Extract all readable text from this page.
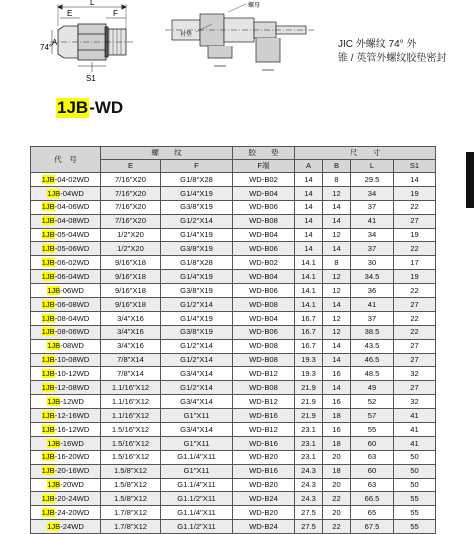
L
E	F
A
74°
S1
螺母
衬垫
JIC 外螺纹 74° 外
锥 / 英管外螺纹胶垫密封
1JB -WD
代　号	螺　　纹		胶　　垫	尺　　寸			
	E	F	F端	A	B	L	S1
1JB-04-02WD	7/16"X20	G1/8"X28	WD-B02	14	8	29.5	14
1JB-04WD	7/16"X20	G1/4"X19	WD-B04	14	12	34	19
1JB-04-06WD	7/16"X20	G3/8"X19	WD-B06	14	14	37	22
1JB-04-08WD	7/16"X20	G1/2"X14	WD-B08	14	14	41	27
1JB-05-04WD	1/2"X20	G1/4"X19	WD-B04	14	12	34	19
1JB-05-06WD	1/2"X20	G3/8"X19	WD-B06	14	14	37	22
1JB-06-02WD	9/16"X18	G1/8"X28	WD-B02	14.1	8	30	17
1JB-06-04WD	9/16"X18	G1/4"X19	WD-B04	14.1	12	34.5	19
1JB-06WD	9/16"X18	G3/8"X19	WD-B06	14.1	12	36	22
1JB-06-08WD	9/16"X18	G1/2"X14	WD-B08	14.1	14	41	27
1JB-08-04WD	3/4"X16	G1/4"X19	WD-B04	16.7	12	37	22
1JB-08-06WD	3/4"X16	G3/8"X19	WD-B06	16.7	12	38.5	22
1JB-08WD	3/4"X16	G1/2"X14	WD-B08	16.7	14	43.5	27
1JB-10-08WD	7/8"X14	G1/2"X14	WD-B08	19.3	14	46.5	27
1JB-10-12WD	7/8"X14	G3/4"X14	WD-B12	19.3	16	48.5	32
1JB-12-08WD	1.1/16"X12	G1/2"X14	WD-B08	21.9	14	49	27
1JB-12WD	1.1/16"X12	G3/4"X14	WD-B12	21.9	16	52	32
1JB-12-16WD	1.1/16"X12	G1"X11	WD-B16	21.9	18	57	41
1JB-16-12WD	1.5/16"X12	G3/4"X14	WD-B12	23.1	16	55	41
1JB-16WD	1.5/16"X12	G1"X11	WD-B16	23.1	18	60	41
1JB-16-20WD	1.5/16"X12	G1.1/4"X11	WD-B20	23.1	20	63	50
1JB-20-16WD	1.5/8"X12	G1"X11	WD-B16	24.3	18	60	50
1JB-20WD	1.5/8"X12	G1.1/4"X11	WD-B20	24.3	20	63	50
1JB-20-24WD	1.5/8"X12	G1.1/2"X11	WD-B24	24.3	22	66.5	55
1JB-24-20WD	1.7/8"X12	G1.1/4"X11	WD-B20	27.5	20	65	55
1JB-24WD	1.7/8"X12	G1.1/2"X11	WD-B24	27.5	22	67.5	55
